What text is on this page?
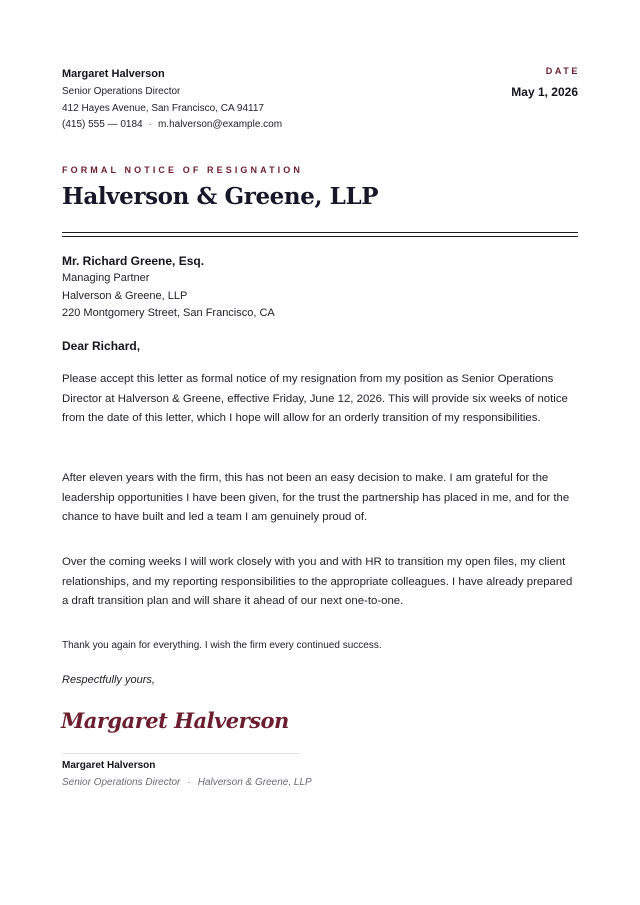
Margaret Halverson
Senior Operations Director
412 Hayes Avenue, San Francisco, CA 94117
(415) 555 — 0184 · m.halverson@example.com
DATE
May 1, 2026
FORMAL NOTICE OF RESIGNATION
Halverson & Greene, LLP
Mr. Richard Greene, Esq.
Managing Partner
Halverson & Greene, LLP
220 Montgomery Street, San Francisco, CA
Dear Richard,

Please accept this letter as formal notice of my resignation from my position as Senior Operations Director at Halverson & Greene, effective Friday, June 12, 2026. This will provide six weeks of notice from the date of this letter, which I hope will allow for an orderly transition of my responsibilities.

After eleven years with the firm, this has not been an easy decision to make. I am grateful for the leadership opportunities I have been given, for the trust the partnership has placed in me, and for the chance to have built and led a team I am genuinely proud of.

Over the coming weeks I will work closely with you and with HR to transition my open files, my client relationships, and my reporting responsibilities to the appropriate colleagues. I have already prepared a draft transition plan and will share it ahead of our next one-to-one.

Thank you again for everything. I wish the firm every continued success.

Respectfully yours,
Margaret Halverson
Margaret Halverson
Senior Operations Director · Halverson & Greene, LLP
